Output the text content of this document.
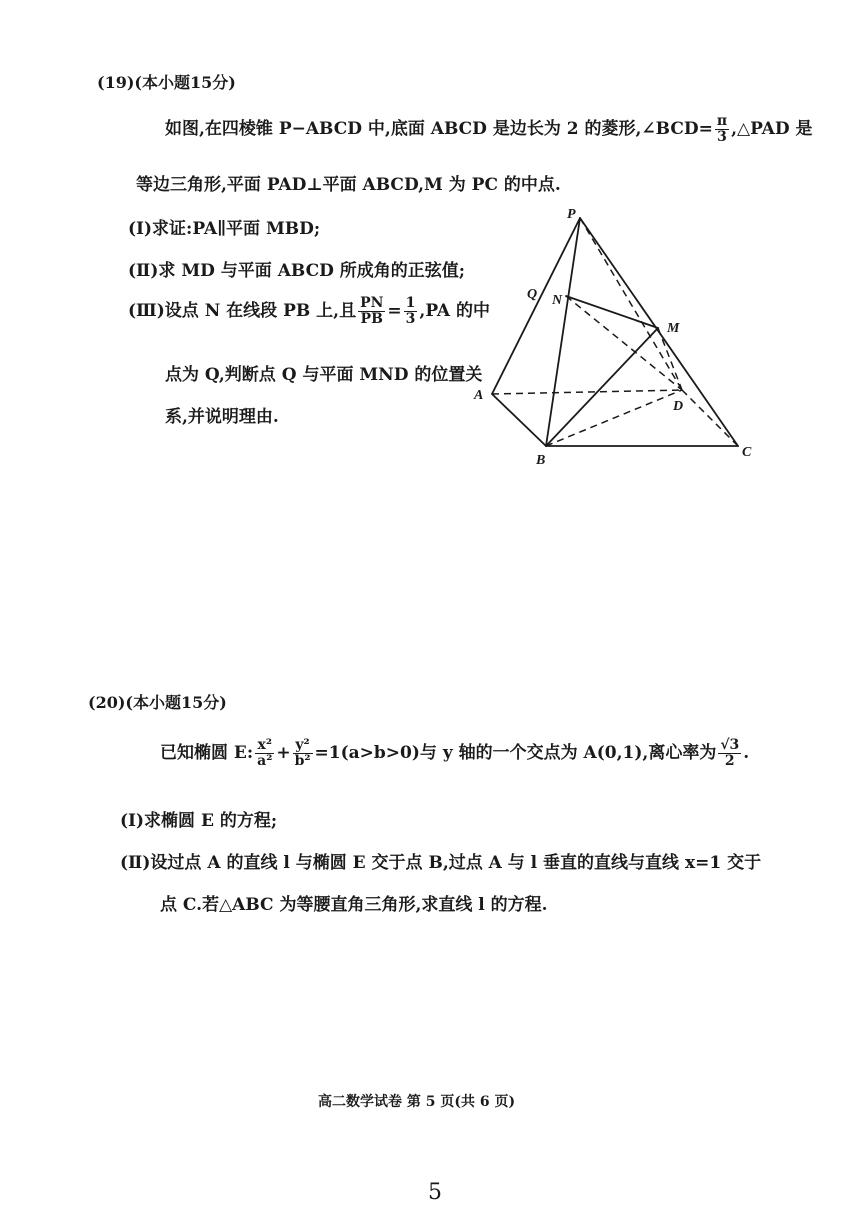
(19)(本小题15分)
如图,在四棱锥 P−ABCD 中,底面 ABCD 是边长为 2 的菱形,∠BCD= $\frac{\pi}{3}$ ,△PAD 是
等边三角形,平面 PAD⊥平面 ABCD,M 为 PC 的中点.
(Ⅰ)求证:PA∥平面 MBD;
(Ⅱ)求 MD 与平面 ABCD 所成角的正弦值;
(Ⅲ)设点 N 在线段 PB 上,且 $\frac{PN}{PB} = \frac{1}{3} ,PA$ 的中
点为 Q,判断点 Q 与平面 MND 的位置关
系,并说明理由.
P
Q N
M
A
D
B
C
(20)(本小题15分)
已知椭圆 E: $\frac{\text{x²}}{\text{a²}} + \frac{\text{y²}}{\text{b²}} =1(a>b>0)$与 y 轴的一个交点为 A(0,1),离心率为 $\frac{√3}{2}$ .
(Ⅰ)求椭圆 E 的方程;
(Ⅱ)设过点 A 的直线 l 与椭圆 E 交于点 B,过点 A 与 l 垂直的直线与直线 x=1 交于
点 C.若△ABC 为等腰直角三角形,求直线 l 的方程.
高二数学试卷 第 5 页(共 6 页)
5
